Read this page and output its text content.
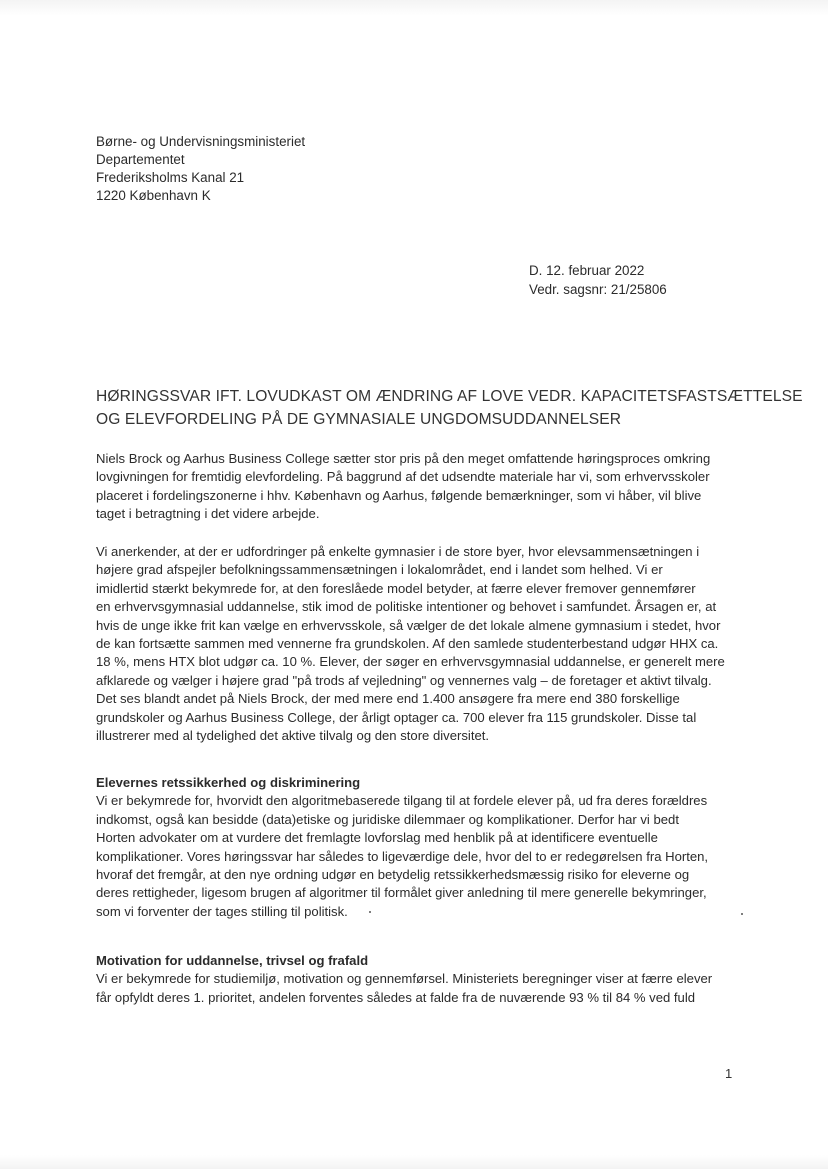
Børne- og Undervisningsministeriet
Departementet
Frederiksholms Kanal 21
1220 København K
D. 12. februar 2022
Vedr. sagsnr: 21/25806
HØRINGSSVAR IFT. LOVUDKAST OM ÆNDRING AF LOVE VEDR. KAPACITETSFASTSÆTTELSE
OG ELEVFORDELING PÅ DE GYMNASIALE UNGDOMSUDDANNELSER
Niels Brock og Aarhus Business College sætter stor pris på den meget omfattende høringsproces omkring
lovgivningen for fremtidig elevfordeling. På baggrund af det udsendte materiale har vi, som erhvervsskoler
placeret i fordelingszonerne i hhv. København og Aarhus, følgende bemærkninger, som vi håber, vil blive
taget i betragtning i det videre arbejde.
Vi anerkender, at der er udfordringer på enkelte gymnasier i de store byer, hvor elevsammensætningen i
højere grad afspejler befolkningssammensætningen i lokalområdet, end i landet som helhed. Vi er
imidlertid stærkt bekymrede for, at den foreslåede model betyder, at færre elever fremover gennemfører
en erhvervsgymnasial uddannelse, stik imod de politiske intentioner og behovet i samfundet. Årsagen er, at
hvis de unge ikke frit kan vælge en erhvervsskole, så vælger de det lokale almene gymnasium i stedet, hvor
de kan fortsætte sammen med vennerne fra grundskolen. Af den samlede studenterbestand udgør HHX ca.
18 %, mens HTX blot udgør ca. 10 %. Elever, der søger en erhvervsgymnasial uddannelse, er generelt mere
afklarede og vælger i højere grad "på trods af vejledning" og vennernes valg – de foretager et aktivt tilvalg.
Det ses blandt andet på Niels Brock, der med mere end 1.400 ansøgere fra mere end 380 forskellige
grundskoler og Aarhus Business College, der årligt optager ca. 700 elever fra 115 grundskoler. Disse tal
illustrerer med al tydelighed det aktive tilvalg og den store diversitet.
Elevernes retssikkerhed og diskriminering
Vi er bekymrede for, hvorvidt den algoritmebaserede tilgang til at fordele elever på, ud fra deres forældres
indkomst, også kan besidde (data)etiske og juridiske dilemmaer og komplikationer. Derfor har vi bedt
Horten advokater om at vurdere det fremlagte lovforslag med henblik på at identificere eventuelle
komplikationer. Vores høringssvar har således to ligeværdige dele, hvor del to er redegørelsen fra Horten,
hvoraf det fremgår, at den nye ordning udgør en betydelig retssikkerhedsmæssig risiko for eleverne og
deres rettigheder, ligesom brugen af algoritmer til formålet giver anledning til mere generelle bekymringer,
som vi forventer der tages stilling til politisk.
Motivation for uddannelse, trivsel og frafald
Vi er bekymrede for studiemiljø, motivation og gennemførsel. Ministeriets beregninger viser at færre elever
får opfyldt deres 1. prioritet, andelen forventes således at falde fra de nuværende 93 % til 84 % ved fuld
1
